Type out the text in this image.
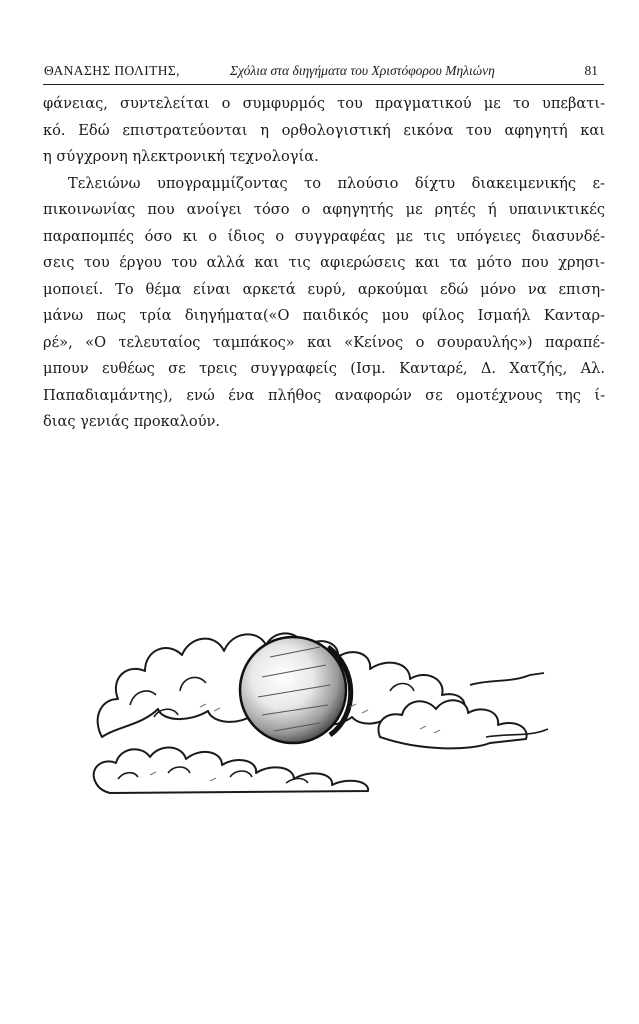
ΘΑΝΑΣΗΣ ΠΟΛΙΤΗΣ,	Σχόλια στα διηγήματα του Χριστόφορου Μηλιώνη	81
φάνειας, συντελείται ο συμφυρμός του πραγματικού με το υπεβατι-
κό. Εδώ επιστρατεύονται η ορθολογιστική εικόνα του αφηγητή και
η σύγχρονη ηλεκτρονική τεχνολογία.
Τελειώνω υπογραμμίζοντας το πλούσιο δίχτυ διακειμενικής ε-
πικοινωνίας που ανοίγει τόσο ο αφηγητής με ρητές ή υπαινικτικές
παραπομπές όσο κι ο ίδιος ο συγγραφέας με τις υπόγειες διασυνδέ-
σεις του έργου του αλλά και τις αφιερώσεις και τα μότο που χρησι-
μοποιεί. Το θέμα είναι αρκετά ευρύ, αρκούμαι εδώ μόνο να επιση-
μάνω πως τρία διηγήματα(«Ο παιδικός μου φίλος Ισμαήλ Κανταρ-
ρέ», «Ο τελευταίος ταμπάκος» και «Κείνος ο σουραυλής») παραπέ-
μπουν ευθέως σε τρεις συγγραφείς (Ισμ. Κανταρέ, Δ. Χατζής, Αλ.
Παπαδιαμάντης), ενώ ένα πλήθος αναφορών σε ομοτέχνους της ί-
διας γενιάς προκαλούν.
